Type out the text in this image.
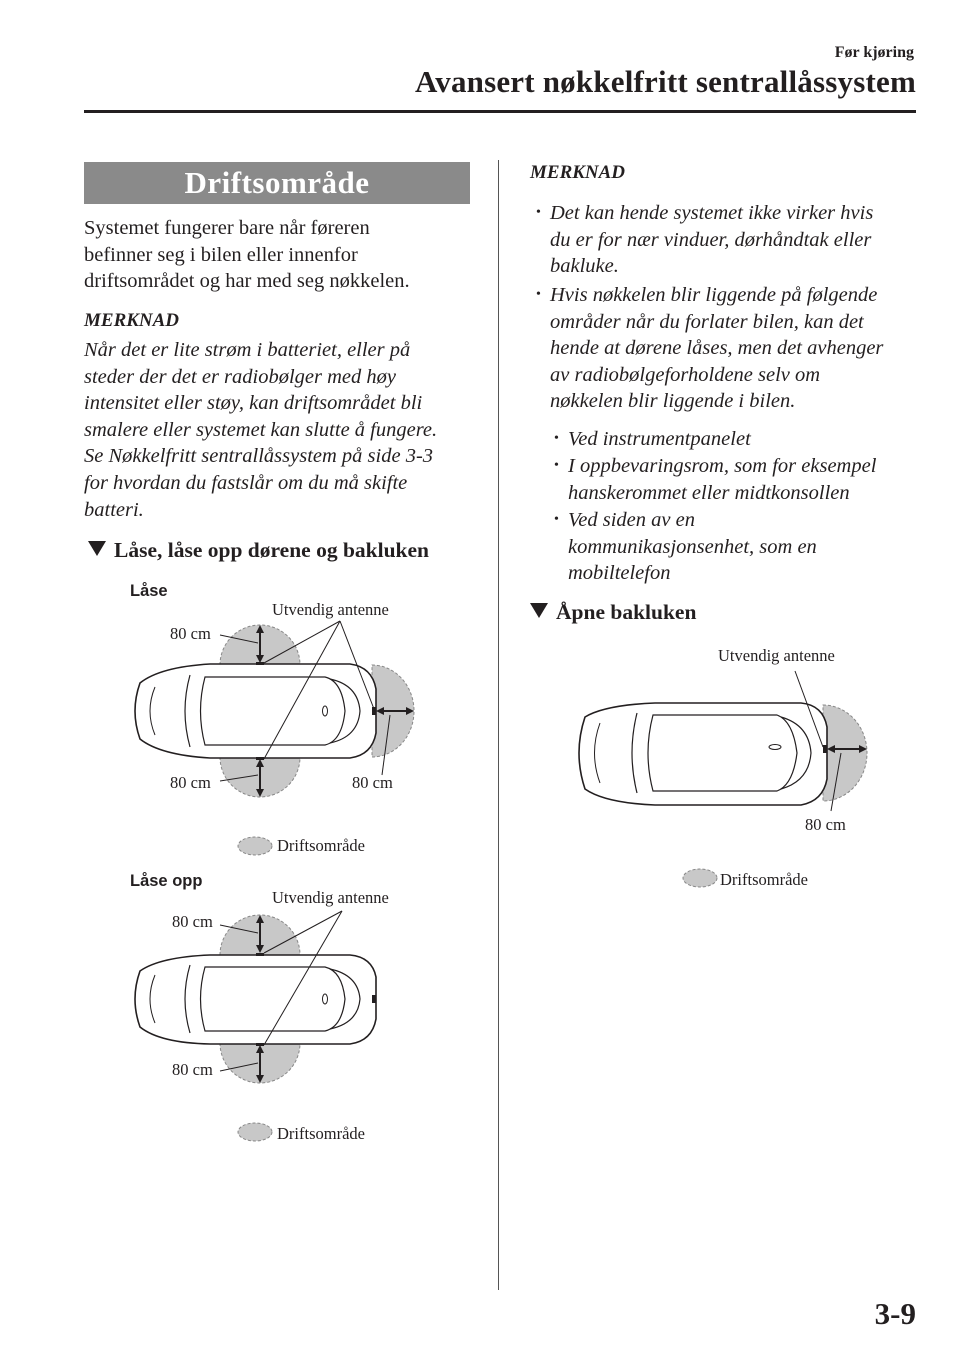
Før kjøring
Avansert nøkkelfritt sentrallåssystem
Driftsområde
Systemet fungerer bare når føreren
befinner seg i bilen eller innenfor
driftsområdet og har med seg nøkkelen.
MERKNAD
Når det er lite strøm i batteriet, eller på
steder der det er radiobølger med høy
intensitet eller støy, kan driftsområdet bli
smalere eller systemet kan slutte å fungere.
Se Nøkkelfritt sentrallåssystem på side 3-3
for hvordan du fastslår om du må skifte
batteri.
Låse, låse opp dørene og bakluken
Låse
Utvendig antenne
80 cm
80 cm	80 cm
Driftsområde
Låse opp
Utvendig antenne
80 cm
80 cm
Driftsområde
MERKNAD
• Det kan hende systemet ikke virker hvis
du er for nær vinduer, dørhåndtak eller
bakluke.
• Hvis nøkkelen blir liggende på følgende
områder når du forlater bilen, kan det
hende at dørene låses, men det avhenger
av radiobølgeforholdene selv om
nøkkelen blir liggende i bilen.
• Ved instrumentpanelet
• I oppbevaringsrom, som for eksempel
hanskerommet eller midtkonsollen
• Ved siden av en
kommunikasjonsenhet, som en
mobiltelefon
Åpne bakluken
Utvendig antenne
80 cm
Driftsområde
3-9
